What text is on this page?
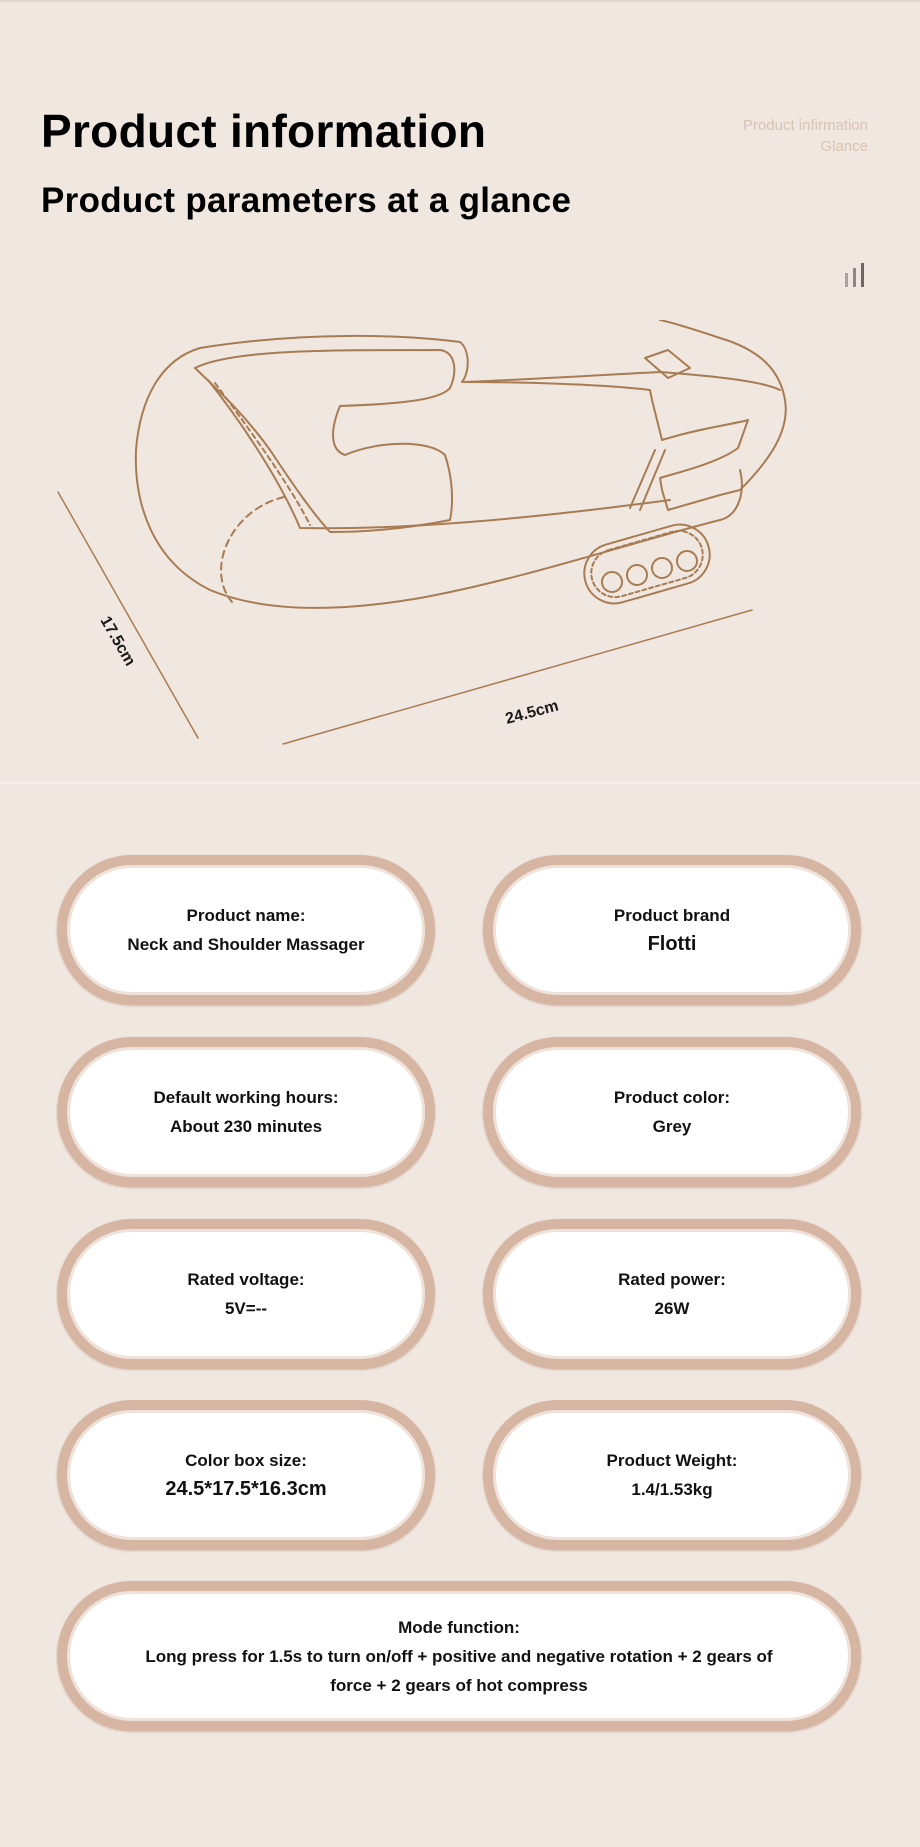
Product information
Product parameters at a glance
Product infirmation
Glance
17.5cm
24.5cm
Product name:
Neck and Shoulder Massager
Product brand
Flotti
Default working hours:
About 230 minutes
Product color:
Grey
Rated voltage:
5V=--
Rated power:
26W
Color box size:
24.5*17.5*16.3cm
Product Weight:
1.4/1.53kg
Mode function:
Long press for 1.5s to turn on/off + positive and negative rotation + 2 gears of force + 2 gears of hot compress
